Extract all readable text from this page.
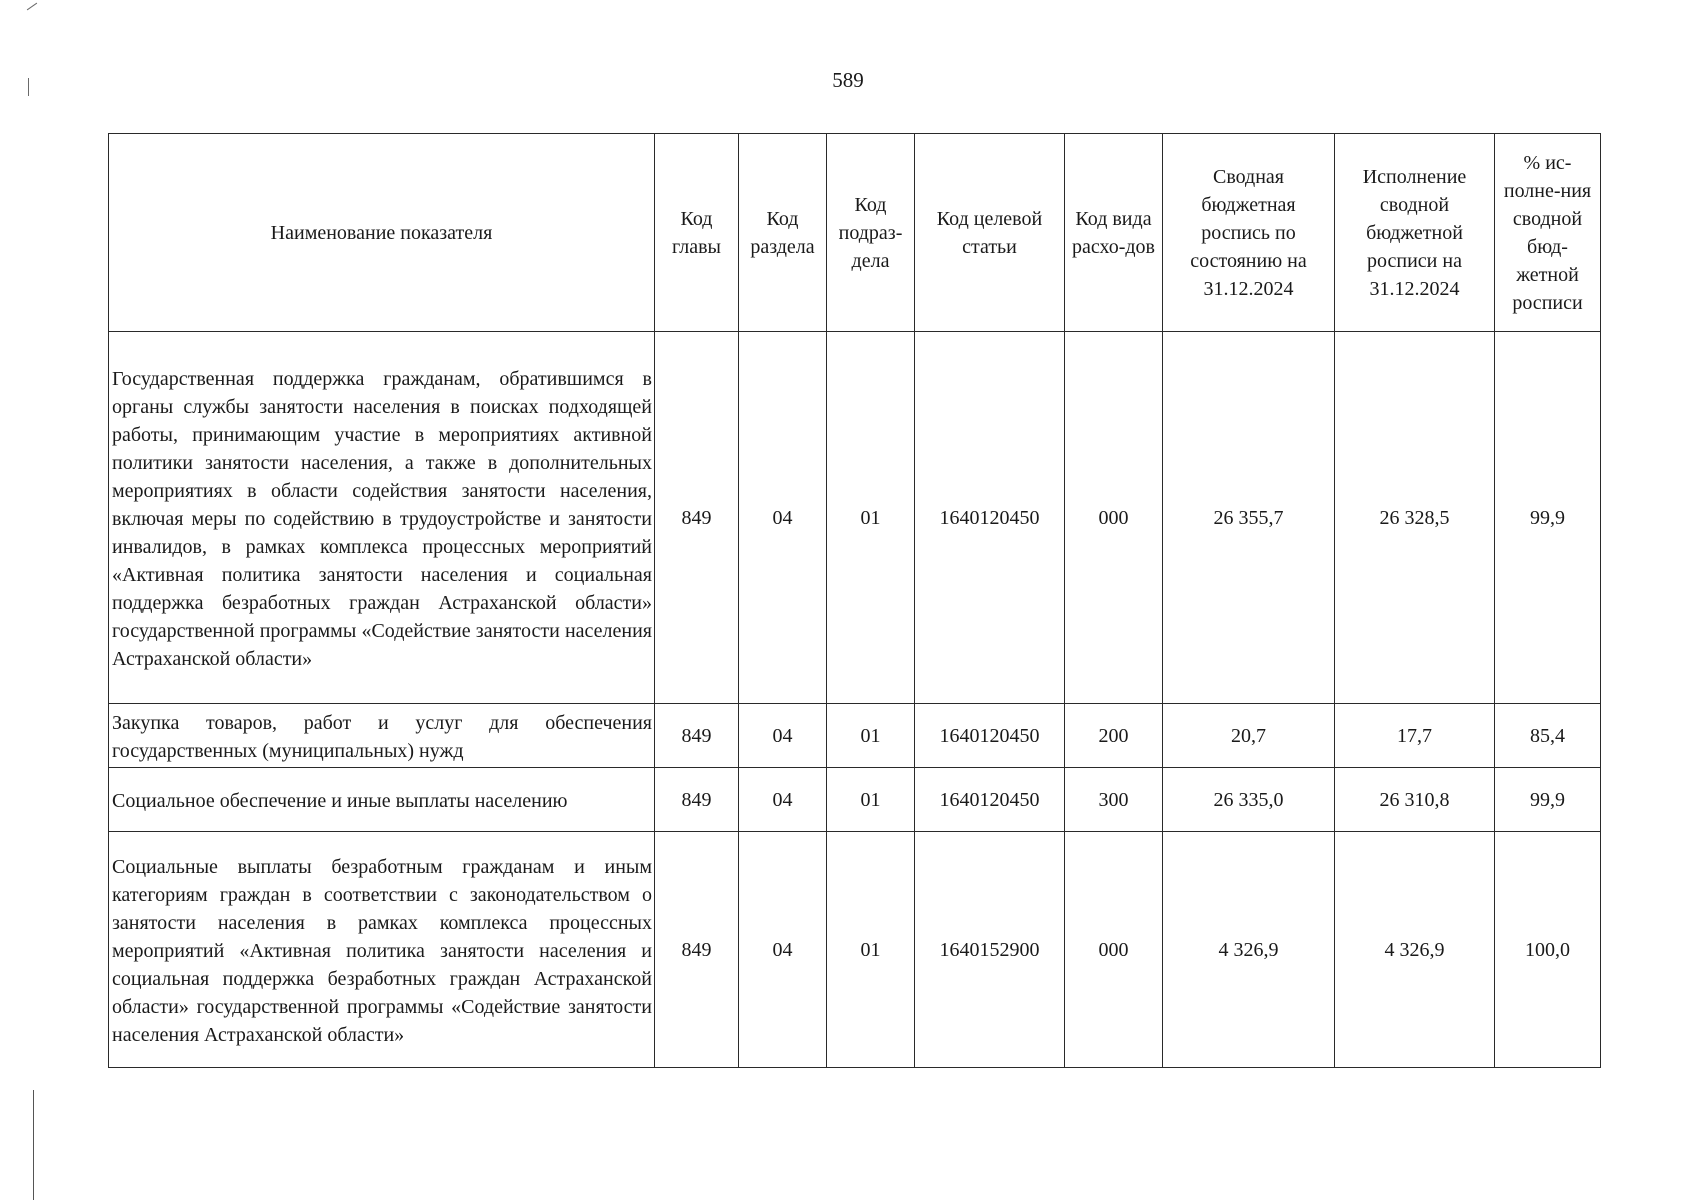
589
Наименование показателя	Код главы	Код раздела	Код подраз-дела	Код целевой статьи	Код вида расхо-дов	Сводная бюджетная роспись по состоянию на 31.12.2024	Исполнение сводной бюджетной росписи на 31.12.2024	% ис-полне-ния сводной бюд-жетной росписи
Государственная поддержка гражданам, обратившимся в органы службы занятости населения в поисках подходящей работы, принимающим участие в мероприятиях активной политики занятости населения, а также в дополнительных мероприятиях в области содействия занятости населения, включая меры по содействию в трудоустройстве и занятости инвалидов, в рамках комплекса процессных мероприятий «Активная политика занятости населения и социальная поддержка безработных граждан Астраханской области» государственной программы «Содействие занятости населения Астраханской области»	849	04	01	1640120450	000	26 355,7	26 328,5	99,9
Закупка товаров, работ и услуг для обеспечения государственных (муниципальных) нужд	849	04	01	1640120450	200	20,7	17,7	85,4
Социальное обеспечение и иные выплаты населению	849	04	01	1640120450	300	26 335,0	26 310,8	99,9
Социальные выплаты безработным гражданам и иным категориям граждан в соответствии с законодательством о занятости населения в рамках комплекса процессных мероприятий «Активная политика занятости населения и социальная поддержка безработных граждан Астраханской области» государственной программы «Содействие занятости населения Астраханской области»	849	04	01	1640152900	000	4 326,9	4 326,9	100,0
